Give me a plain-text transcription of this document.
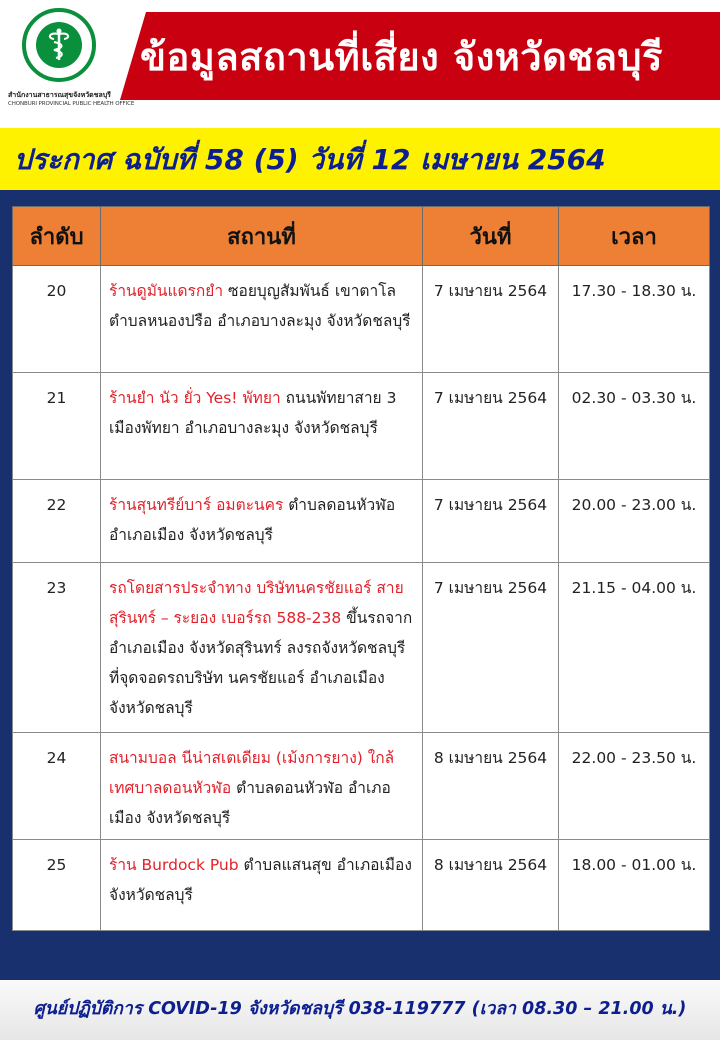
สำนักงานสาธารณสุขจังหวัดชลบุรี
CHONBURI PROVINCIAL PUBLIC HEALTH OFFICE
ข้อมูลสถานที่เสี่ยง จังหวัดชลบุรี
ประกาศ ฉบับที่ 58 (5) วันที่ 12 เมษายน 2564
ลำดับ	สถานที่	วันที่	เวลา
20	ร้านดูมันแดรกยำ ซอยบุญสัมพันธ์ เขาตาโล ตำบลหนองปรือ อำเภอบางละมุง จังหวัดชลบุรี	7 เมษายน 2564	17.30 - 18.30 น.
21	ร้านยำ นัว ยั่ว Yes! พัทยา ถนนพัทยาสาย 3 เมืองพัทยา อำเภอบางละมุง จังหวัดชลบุรี	7 เมษายน 2564	02.30 - 03.30 น.
22	ร้านสุนทรีย์บาร์ อมตะนคร ตำบลดอนหัวฬ่อ อำเภอเมือง จังหวัดชลบุรี	7 เมษายน 2564	20.00 - 23.00 น.
23	รถโดยสารประจำทาง บริษัทนครชัยแอร์ สาย สุรินทร์ – ระยอง เบอร์รถ 588-238 ขึ้นรถจากอำเภอเมือง จังหวัดสุรินทร์ ลงรถจังหวัดชลบุรี ที่จุดจอดรถบริษัท นครชัยแอร์ อำเภอเมือง จังหวัดชลบุรี	7 เมษายน 2564	21.15 - 04.00 น.
24	สนามบอล นีน่าสเตเดียม (เม้งการยาง) ใกล้เทศบาลดอนหัวฬ่อ ตำบลดอนหัวฬ่อ อำเภอเมือง จังหวัดชลบุรี	8 เมษายน 2564	22.00 - 23.50 น.
25	ร้าน Burdock Pub ตำบลแสนสุข อำเภอเมือง จังหวัดชลบุรี	8 เมษายน 2564	18.00 - 01.00 น.
ศูนย์ปฏิบัติการ COVID-19 จังหวัดชลบุรี 038-119777 (เวลา 08.30 – 21.00 น.)
